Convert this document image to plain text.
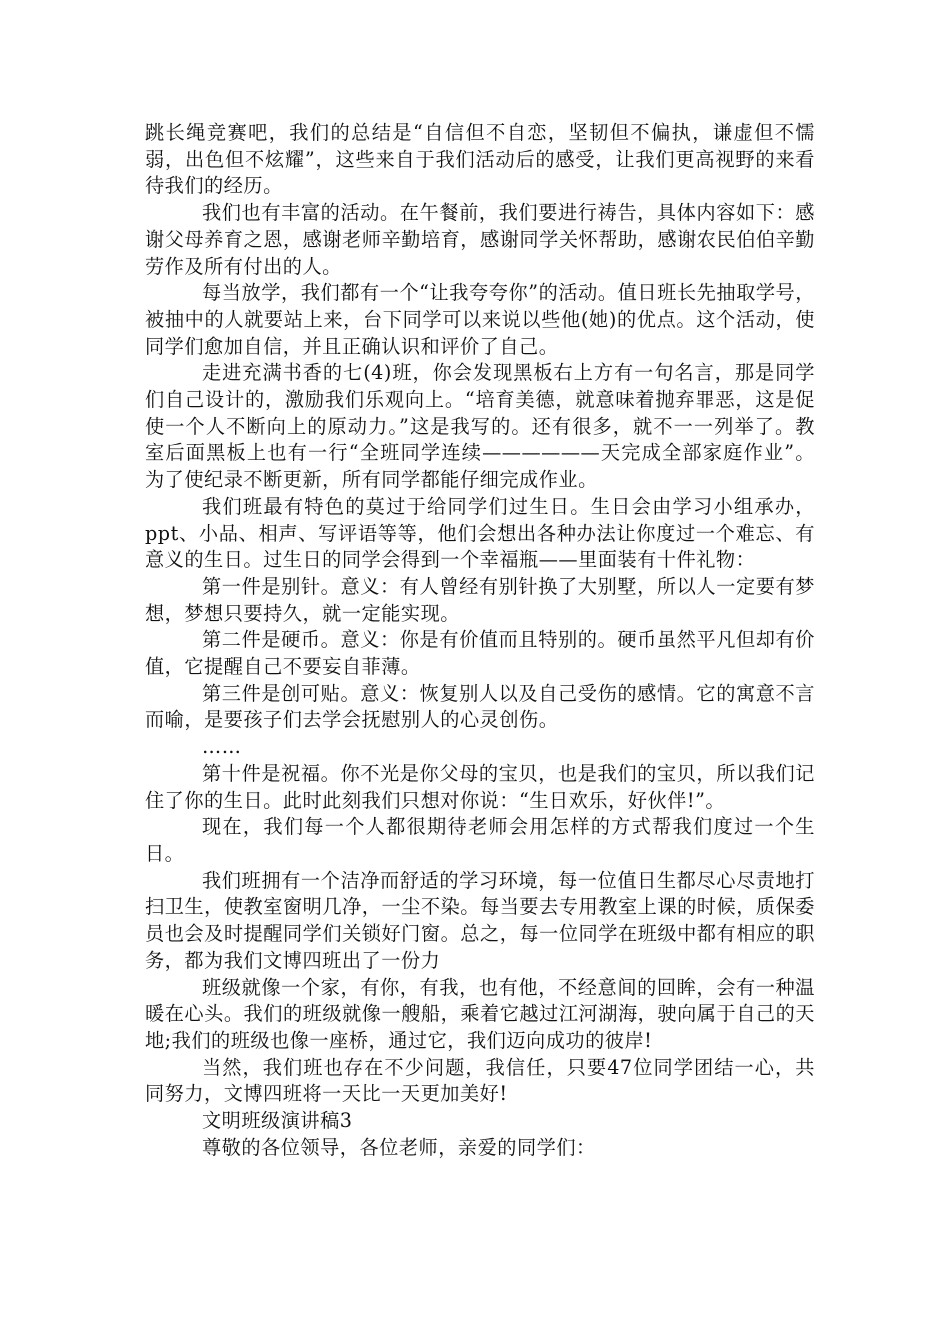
跳长绳竞赛吧，我们的总结是“自信但不自恋，坚韧但不偏执，谦虚但不懦弱，出色但不炫耀”，这些来自于我们活动后的感受，让我们更高视野的来看待我们的经历。

我们也有丰富的活动。在午餐前，我们要进行祷告，具体内容如下：感谢父母养育之恩，感谢老师辛勤培育，感谢同学关怀帮助，感谢农民伯伯辛勤劳作及所有付出的人。

每当放学，我们都有一个“让我夸夸你”的活动。值日班长先抽取学号，被抽中的人就要站上来，台下同学可以来说以些他(她)的优点。这个活动，使同学们愈加自信，并且正确认识和评价了自己。

走进充满书香的七(4)班，你会发现黑板右上方有一句名言，那是同学们自己设计的，激励我们乐观向上。“培育美德，就意味着抛弃罪恶，这是促使一个人不断向上的原动力。”这是我写的。还有很多，就不一一列举了。教室后面黑板上也有一行“全班同学连续——————天完成全部家庭作业”。为了使纪录不断更新，所有同学都能仔细完成作业。

我们班最有特色的莫过于给同学们过生日。生日会由学习小组承办，ppt、小品、相声、写评语等等，他们会想出各种办法让你度过一个难忘、有意义的生日。过生日的同学会得到一个幸福瓶——里面装有十件礼物：

第一件是别针。意义：有人曾经有别针换了大别墅，所以人一定要有梦想，梦想只要持久，就一定能实现。

第二件是硬币。意义：你是有价值而且特别的。硬币虽然平凡但却有价值，它提醒自己不要妄自菲薄。

第三件是创可贴。意义：恢复别人以及自己受伤的感情。它的寓意不言而喻，是要孩子们去学会抚慰别人的心灵创伤。

……

第十件是祝福。你不光是你父母的宝贝，也是我们的宝贝，所以我们记住了你的生日。此时此刻我们只想对你说：“生日欢乐，好伙伴!”。

现在，我们每一个人都很期待老师会用怎样的方式帮我们度过一个生日。

我们班拥有一个洁净而舒适的学习环境，每一位值日生都尽心尽责地打扫卫生，使教室窗明几净，一尘不染。每当要去专用教室上课的时候，质保委员也会及时提醒同学们关锁好门窗。总之，每一位同学在班级中都有相应的职务，都为我们文博四班出了一份力

班级就像一个家，有你，有我，也有他，不经意间的回眸，会有一种温暖在心头。我们的班级就像一艘船，乘着它越过江河湖海，驶向属于自己的天地;我们的班级也像一座桥，通过它，我们迈向成功的彼岸!

当然，我们班也存在不少问题，我信任，只要47位同学团结一心，共同努力，文博四班将一天比一天更加美好!

文明班级演讲稿3

尊敬的各位领导，各位老师，亲爱的同学们：
